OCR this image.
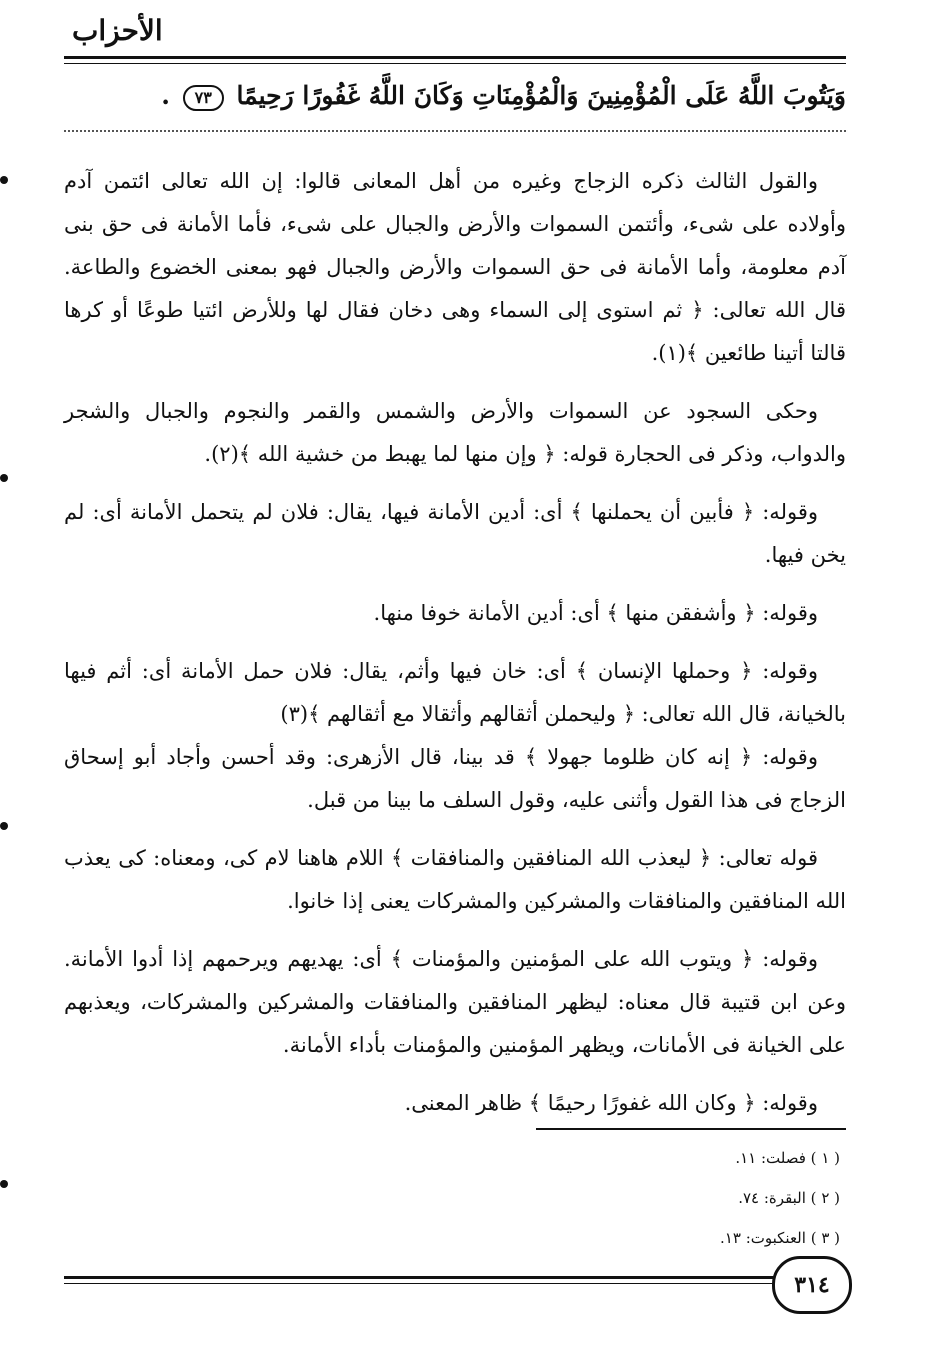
الأحزاب
وَيَتُوبَ اللَّهُ عَلَى الْمُؤْمِنِينَ وَالْمُؤْمِنَاتِ وَكَانَ اللَّهُ غَفُورًا رَحِيمًا ٧٣ .

والقول الثالث ذكره الزجاج وغيره من أهل المعانى قالوا: إن الله تعالى ائتمن آدم وأولاده على شىء، وأئتمن السموات والأرض والجبال على شىء، فأما الأمانة فى حق بنى آدم معلومة، وأما الأمانة فى حق السموات والأرض والجبال فهو بمعنى الخضوع والطاعة. قال الله تعالى: ﴿ ثم استوى إلى السماء وهى دخان فقال لها وللأرض ائتيا طوعًا أو كرها قالتا أتينا طائعين ﴾(١).

وحكى السجود عن السموات والأرض والشمس والقمر والنجوم والجبال والشجر والدواب، وذكر فى الحجارة قوله: ﴿ وإن منها لما يهبط من خشية الله ﴾(٢).

وقوله: ﴿ فأبين أن يحملنها ﴾ أى: أدين الأمانة فيها، يقال: فلان لم يتحمل الأمانة أى: لم يخن فيها.

وقوله: ﴿ وأشفقن منها ﴾ أى: أدين الأمانة خوفا منها.

وقوله: ﴿ وحملها الإنسان ﴾ أى: خان فيها وأثم، يقال: فلان حمل الأمانة أى: أثم فيها بالخيانة، قال الله تعالى: ﴿ وليحملن أثقالهم وأثقالا مع أثقالهم ﴾(٣)

وقوله: ﴿ إنه كان ظلوما جهولا ﴾ قد بينا، قال الأزهرى: وقد أحسن وأجاد أبو إسحاق الزجاج فى هذا القول وأثنى عليه، وقول السلف ما بينا من قبل.

قوله تعالى: ﴿ ليعذب الله المنافقين والمنافقات ﴾ اللام هاهنا لام كى، ومعناه: كى يعذب الله المنافقين والمنافقات والمشركين والمشركات يعنى إذا خانوا.

وقوله: ﴿ ويتوب الله على المؤمنين والمؤمنات ﴾ أى: يهديهم ويرحمهم إذا أدوا الأمانة. وعن ابن قتيبة قال معناه: ليظهر المنافقين والمنافقات والمشركين والمشركات، ويعذبهم على الخيانة فى الأمانات، ويظهر المؤمنين والمؤمنات بأداء الأمانة.

وقوله: ﴿ وكان الله غفورًا رحيمًا ﴾ ظاهر المعنى.

( ١ ) فصلت: ١١.
( ٢ ) البقرة: ٧٤.
( ٣ ) العنكبوت: ١٣.
٣١٤
